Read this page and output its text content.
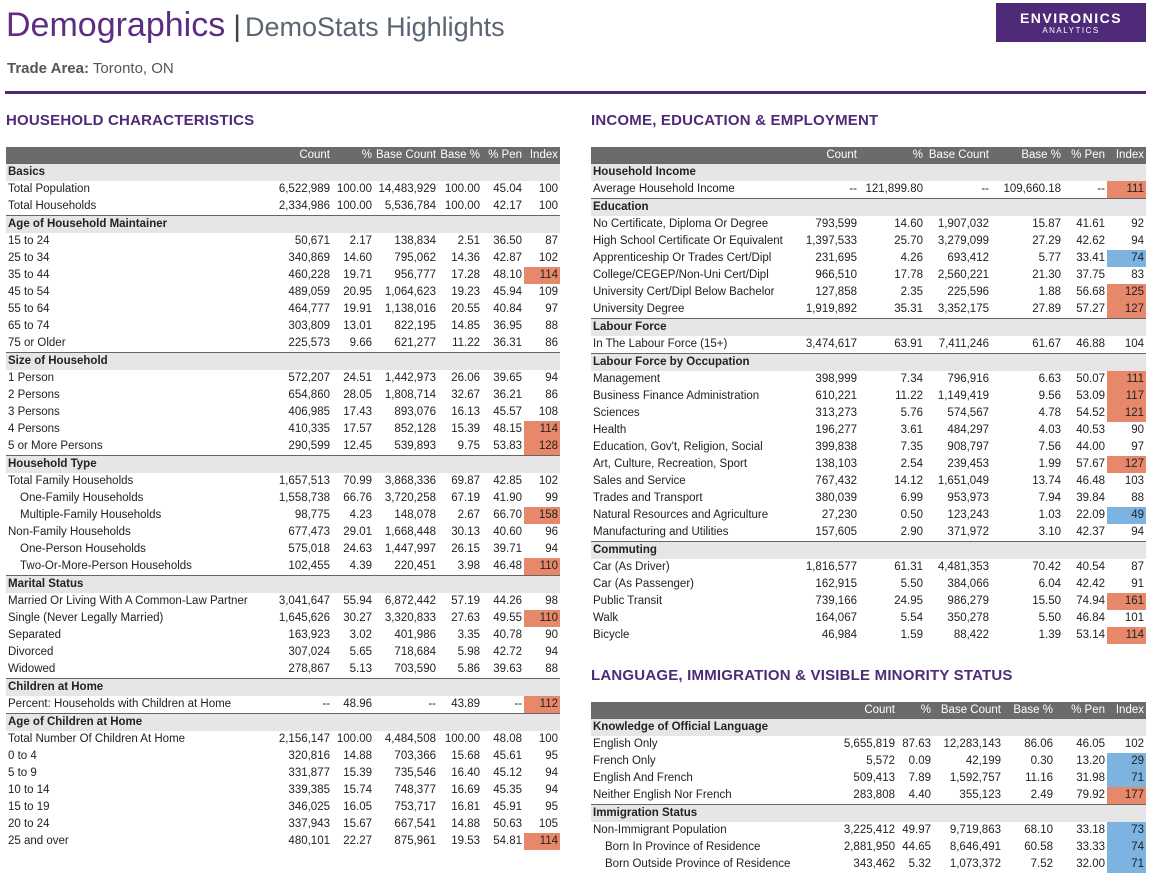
Demographics | DemoStats Highlights
Trade Area: Toronto, ON
ENVIRONICS
ANALYTICS
HOUSEHOLD CHARACTERISTICS
	Count	%	Base Count	Base %	% Pen	Index
Basics						
Total Population	6,522,989	100.00	14,483,929	100.00	45.04	100
Total Households	2,334,986	100.00	5,536,784	100.00	42.17	100
Age of Household Maintainer						
15 to 24	50,671	2.17	138,834	2.51	36.50	87
25 to 34	340,869	14.60	795,062	14.36	42.87	102
35 to 44	460,228	19.71	956,777	17.28	48.10	114
45 to 54	489,059	20.95	1,064,623	19.23	45.94	109
55 to 64	464,777	19.91	1,138,016	20.55	40.84	97
65 to 74	303,809	13.01	822,195	14.85	36.95	88
75 or Older	225,573	9.66	621,277	11.22	36.31	86
Size of Household						
1 Person	572,207	24.51	1,442,973	26.06	39.65	94
2 Persons	654,860	28.05	1,808,714	32.67	36.21	86
3 Persons	406,985	17.43	893,076	16.13	45.57	108
4 Persons	410,335	17.57	852,128	15.39	48.15	114
5 or More Persons	290,599	12.45	539,893	9.75	53.83	128
Household Type						
Total Family Households	1,657,513	70.99	3,868,336	69.87	42.85	102
One-Family Households	1,558,738	66.76	3,720,258	67.19	41.90	99
Multiple-Family Households	98,775	4.23	148,078	2.67	66.70	158
Non-Family Households	677,473	29.01	1,668,448	30.13	40.60	96
One-Person Households	575,018	24.63	1,447,997	26.15	39.71	94
Two-Or-More-Person Households	102,455	4.39	220,451	3.98	46.48	110
Marital Status						
Married Or Living With A Common-Law Partner	3,041,647	55.94	6,872,442	57.19	44.26	98
Single (Never Legally Married)	1,645,626	30.27	3,320,833	27.63	49.55	110
Separated	163,923	3.02	401,986	3.35	40.78	90
Divorced	307,024	5.65	718,684	5.98	42.72	94
Widowed	278,867	5.13	703,590	5.86	39.63	88
Children at Home						
Percent: Households with Children at Home	--	48.96	--	43.89	--	112
Age of Children at Home						
Total Number Of Children At Home	2,156,147	100.00	4,484,508	100.00	48.08	100
0 to 4	320,816	14.88	703,366	15.68	45.61	95
5 to 9	331,877	15.39	735,546	16.40	45.12	94
10 to 14	339,385	15.74	748,377	16.69	45.35	94
15 to 19	346,025	16.05	753,717	16.81	45.91	95
20 to 24	337,943	15.67	667,541	14.88	50.63	105
25 and over	480,101	22.27	875,961	19.53	54.81	114
INCOME, EDUCATION & EMPLOYMENT
	Count	%	Base Count	Base %	% Pen	Index
Household Income						
Average Household Income	--	121,899.80	--	109,660.18	--	111
Education						
No Certificate, Diploma Or Degree	793,599	14.60	1,907,032	15.87	41.61	92
High School Certificate Or Equivalent	1,397,533	25.70	3,279,099	27.29	42.62	94
Apprenticeship Or Trades Cert/Dipl	231,695	4.26	693,412	5.77	33.41	74
College/CEGEP/Non-Uni Cert/Dipl	966,510	17.78	2,560,221	21.30	37.75	83
University Cert/Dipl Below Bachelor	127,858	2.35	225,596	1.88	56.68	125
University Degree	1,919,892	35.31	3,352,175	27.89	57.27	127
Labour Force						
In The Labour Force (15+)	3,474,617	63.91	7,411,246	61.67	46.88	104
Labour Force by Occupation						
Management	398,999	7.34	796,916	6.63	50.07	111
Business Finance Administration	610,221	11.22	1,149,419	9.56	53.09	117
Sciences	313,273	5.76	574,567	4.78	54.52	121
Health	196,277	3.61	484,297	4.03	40.53	90
Education, Gov't, Religion, Social	399,838	7.35	908,797	7.56	44.00	97
Art, Culture, Recreation, Sport	138,103	2.54	239,453	1.99	57.67	127
Sales and Service	767,432	14.12	1,651,049	13.74	46.48	103
Trades and Transport	380,039	6.99	953,973	7.94	39.84	88
Natural Resources and Agriculture	27,230	0.50	123,243	1.03	22.09	49
Manufacturing and Utilities	157,605	2.90	371,972	3.10	42.37	94
Commuting						
Car (As Driver)	1,816,577	61.31	4,481,353	70.42	40.54	87
Car (As Passenger)	162,915	5.50	384,066	6.04	42.42	91
Public Transit	739,166	24.95	986,279	15.50	74.94	161
Walk	164,067	5.54	350,278	5.50	46.84	101
Bicycle	46,984	1.59	88,422	1.39	53.14	114
LANGUAGE, IMMIGRATION & VISIBLE MINORITY STATUS
	Count	%	Base Count	Base %	% Pen	Index
Knowledge of Official Language						
English Only	5,655,819	87.63	12,283,143	86.06	46.05	102
French Only	5,572	0.09	42,199	0.30	13.20	29
English And French	509,413	7.89	1,592,757	11.16	31.98	71
Neither English Nor French	283,808	4.40	355,123	2.49	79.92	177
Immigration Status						
Non-Immigrant Population	3,225,412	49.97	9,719,863	68.10	33.18	73
Born In Province of Residence	2,881,950	44.65	8,646,491	60.58	33.33	74
Born Outside Province of Residence	343,462	5.32	1,073,372	7.52	32.00	71
